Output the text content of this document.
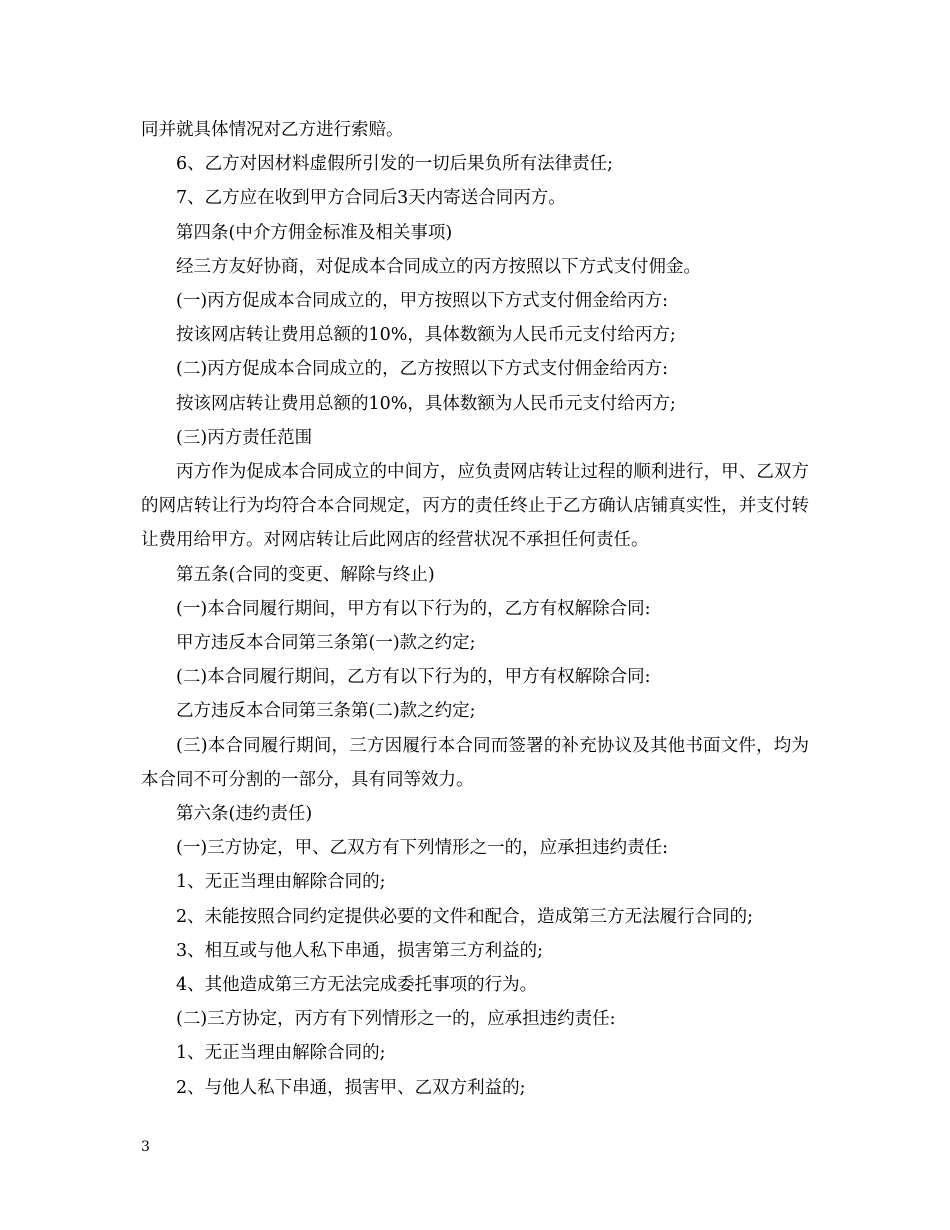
同并就具体情况对乙方进行索赔。

6、乙方对因材料虚假所引发的一切后果负所有法律责任;

7、乙方应在收到甲方合同后3天内寄送合同丙方。

第四条(中介方佣金标准及相关事项)

经三方友好协商，对促成本合同成立的丙方按照以下方式支付佣金。

(一)丙方促成本合同成立的，甲方按照以下方式支付佣金给丙方:

按该网店转让费用总额的10%，具体数额为人民币元支付给丙方;

(二)丙方促成本合同成立的，乙方按照以下方式支付佣金给丙方:

按该网店转让费用总额的10%，具体数额为人民币元支付给丙方;

(三)丙方责任范围

丙方作为促成本合同成立的中间方，应负责网店转让过程的顺利进行，甲、乙双方的网店转让行为均符合本合同规定，丙方的责任终止于乙方确认店铺真实性，并支付转让费用给甲方。对网店转让后此网店的经营状况不承担任何责任。

第五条(合同的变更、解除与终止)

(一)本合同履行期间，甲方有以下行为的，乙方有权解除合同:

甲方违反本合同第三条第(一)款之约定;

(二)本合同履行期间，乙方有以下行为的，甲方有权解除合同:

乙方违反本合同第三条第(二)款之约定;

(三)本合同履行期间，三方因履行本合同而签署的补充协议及其他书面文件，均为本合同不可分割的一部分，具有同等效力。

第六条(违约责任)

(一)三方协定，甲、乙双方有下列情形之一的，应承担违约责任:

1、无正当理由解除合同的;

2、未能按照合同约定提供必要的文件和配合，造成第三方无法履行合同的;

3、相互或与他人私下串通，损害第三方利益的;

4、其他造成第三方无法完成委托事项的行为。

(二)三方协定，丙方有下列情形之一的，应承担违约责任:

1、无正当理由解除合同的;

2、与他人私下串通，损害甲、乙双方利益的;

3
